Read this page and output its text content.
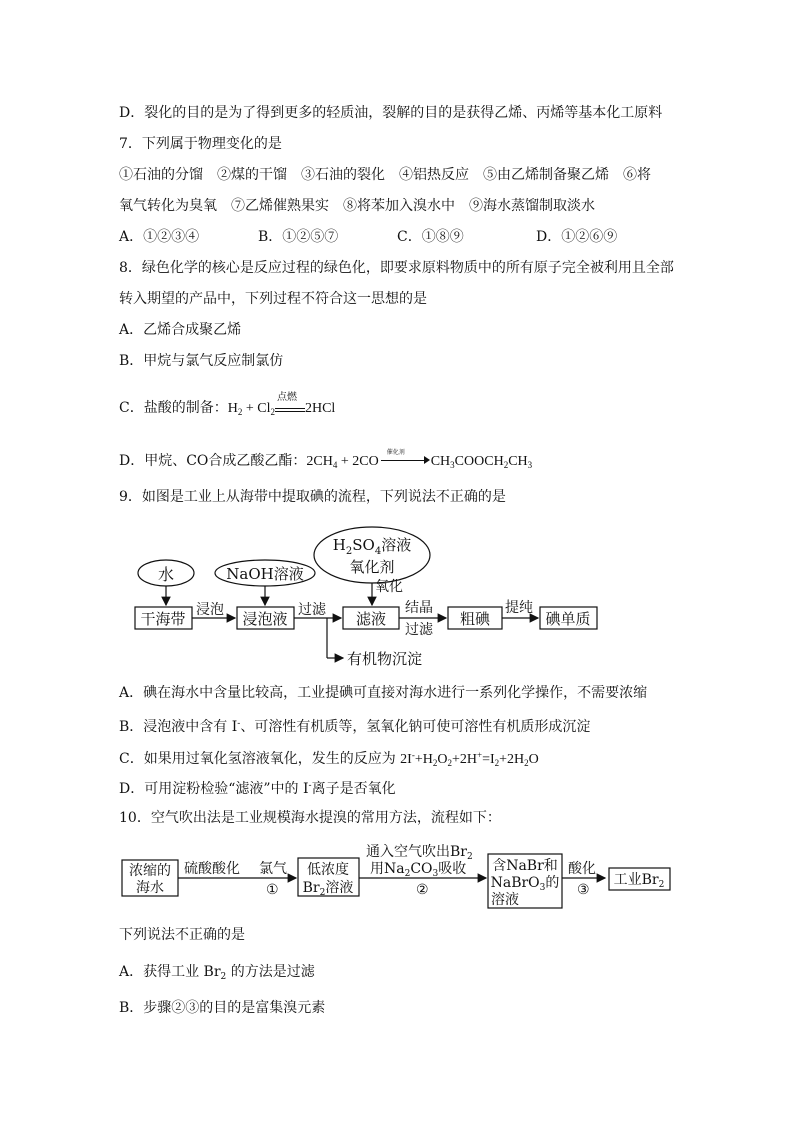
D．裂化的目的是为了得到更多的轻质油，裂解的目的是获得乙烯、丙烯等基本化工原料
7．下列属于物理变化的是
①石油的分馏　②煤的干馏　③石油的裂化　④铝热反应　⑤由乙烯制备聚乙烯　⑥将
氧气转化为臭氧　⑦乙烯催熟果实　⑧将苯加入溴水中　⑨海水蒸馏制取淡水
A．①②③④	B．①②⑤⑦	C．①⑧⑨	D．①②⑥⑨
8．绿色化学的核心是反应过程的绿色化，即要求原料物质中的所有原子完全被利用且全部
转入期望的产品中，下列过程不符合这一思想的是
A．乙烯合成聚乙烯
B．甲烷与氯气反应制氯仿
C．盐酸的制备：$H_2 + Cl_2$
点燃
2HCl
D．甲烷、CO合成乙酸乙酯：$2CH_4 + 2CO$
催化剂
$CH_3COOCH_2CH_3$
9．如图是工业上从海带中提取碘的流程，下列说法不正确的是
水	NaOH溶液
$H_2SO_4$溶液
氧化剂
氧化
干海带	浸泡液	滤液	粗碘	碘单质
浸泡	过滤	结晶
过滤
提纯
有机物沉淀
A．碘在海水中含量比较高，工业提碘可直接对海水进行一系列化学操作，不需要浓缩
B．浸泡液中含有 I-、可溶性有机质等，氢氧化钠可使可溶性有机质形成沉淀
C．如果用过氧化氢溶液氧化，发生的反应为 $2I^-+H_2O_2+2H^+=I_2+2H_2O$
D．可用淀粉检验“滤液”中的 I-离子是否氧化
10．空气吹出法是工业规模海水提溴的常用方法，流程如下：
浓缩的
海水
硫酸酸化 氯气
①
低浓度
$Br_2$溶液
通入空气吹出$Br_2$
用$Na_2CO_3$吸收
②
含NaBr和
NaBrO$_3$的
溶液
酸化
③
工业$Br_2$
下列说法不正确的是
A．获得工业 $Br_2$ 的方法是过滤
B．步骤②③的目的是富集溴元素
